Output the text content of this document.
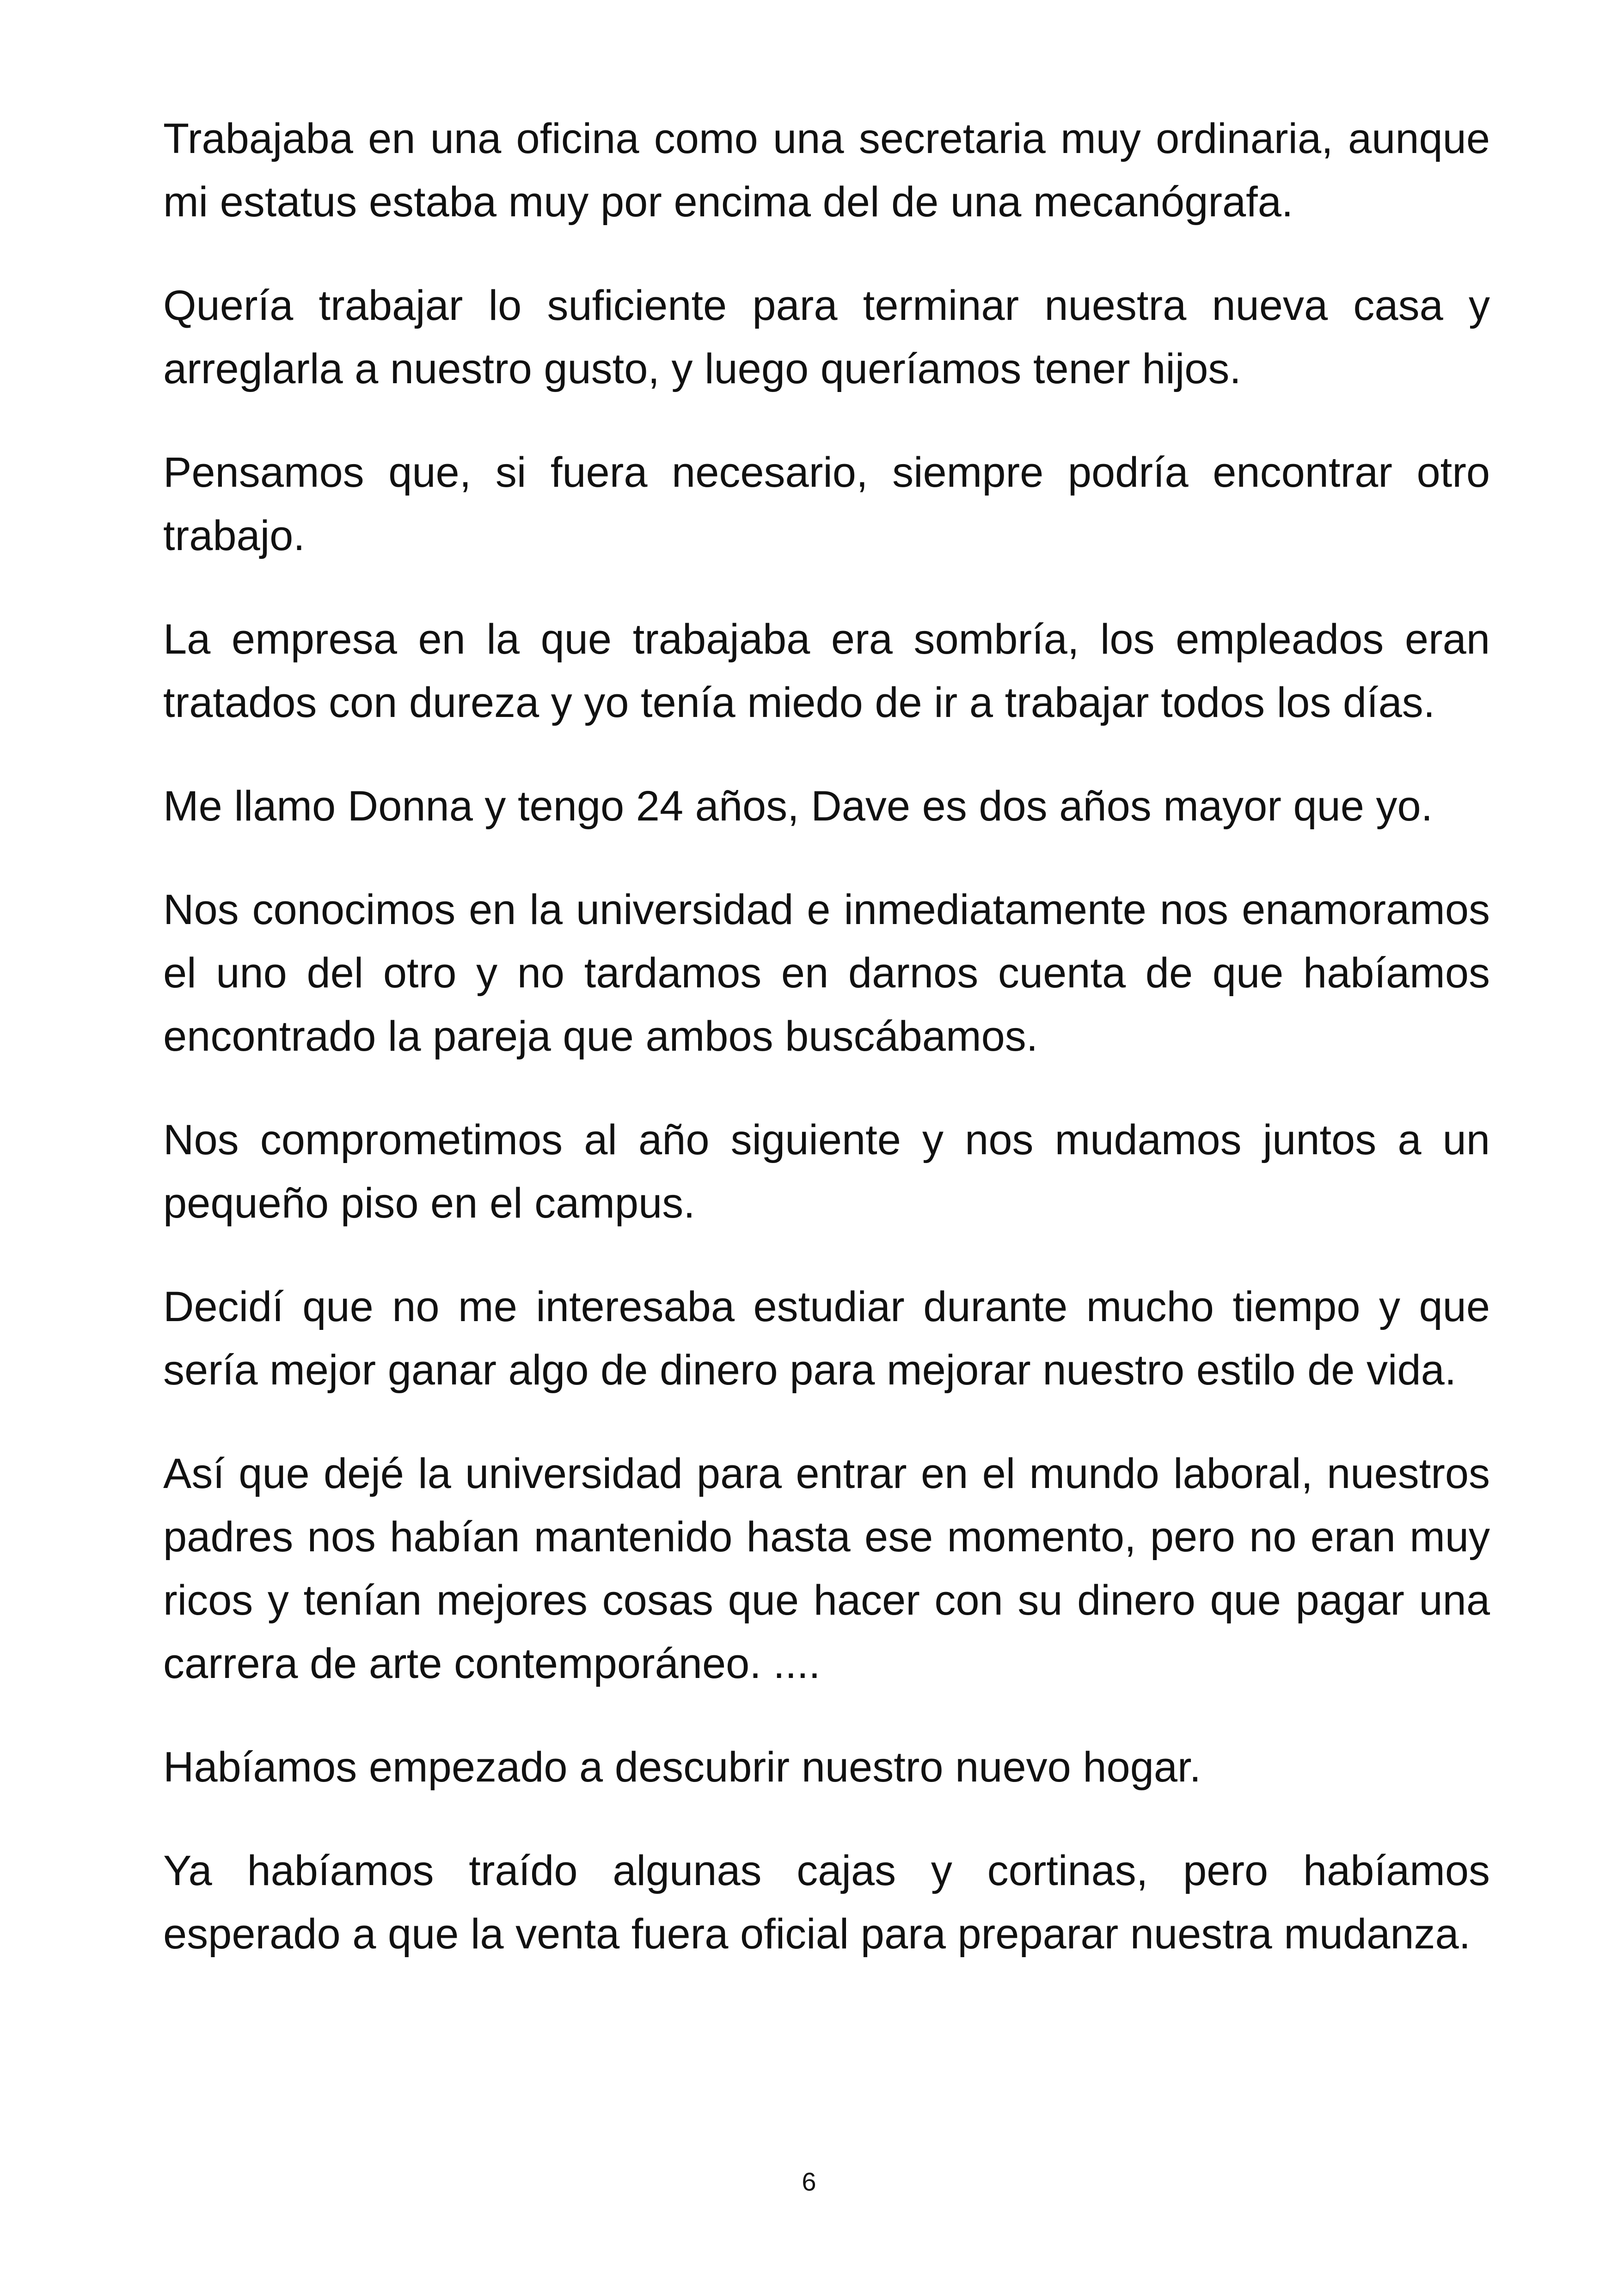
Trabajaba en una oficina como una secretaria muy ordinaria, aunque mi estatus estaba muy por encima del de una mecanógrafa.

Quería trabajar lo suficiente para terminar nuestra nueva casa y arreglarla a nuestro gusto, y luego queríamos tener hijos.

Pensamos que, si fuera necesario, siempre podría encontrar otro trabajo.

La empresa en la que trabajaba era sombría, los empleados eran tratados con dureza y yo tenía miedo de ir a trabajar todos los días.

Me llamo Donna y tengo 24 años, Dave es dos años mayor que yo.

Nos conocimos en la universidad e inmediatamente nos enamoramos el uno del otro y no tardamos en darnos cuenta de que habíamos encontrado la pareja que ambos buscábamos.

Nos comprometimos al año siguiente y nos mudamos juntos a un pequeño piso en el campus.

Decidí que no me interesaba estudiar durante mucho tiempo y que sería mejor ganar algo de dinero para mejorar nuestro estilo de vida.

Así que dejé la universidad para entrar en el mundo laboral, nuestros padres nos habían mantenido hasta ese momento, pero no eran muy ricos y tenían mejores cosas que hacer con su dinero que pagar una carrera de arte contemporáneo. ....

Habíamos empezado a descubrir nuestro nuevo hogar.

Ya habíamos traído algunas cajas y cortinas, pero habíamos esperado a que la venta fuera oficial para preparar nuestra mudanza.

6
